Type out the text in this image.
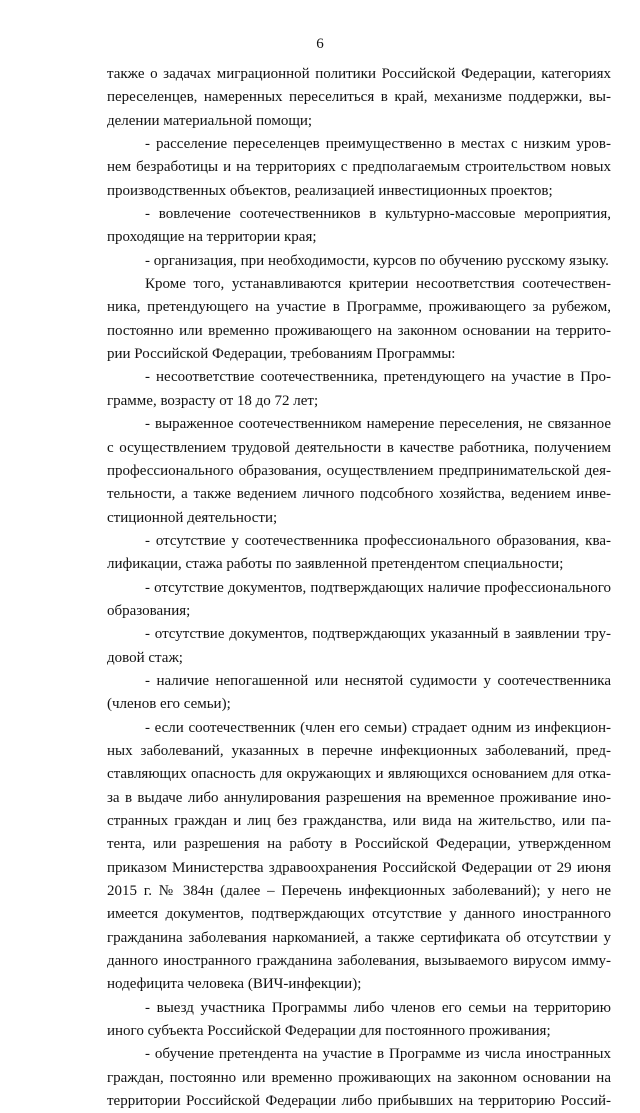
6
также о задачах миграционной политики Российской Федерации, категориях
переселенцев, намеренных переселиться в край, механизме поддержки, вы-
делении материальной помощи;
- расселение переселенцев преимущественно в местах с низким уров-
нем безработицы и на территориях с предполагаемым строительством новых
производственных объектов, реализацией инвестиционных проектов;
- вовлечение соотечественников в культурно-массовые мероприятия,
проходящие на территории края;
- организация, при необходимости, курсов по обучению русскому языку.
Кроме того, устанавливаются критерии несоответствия соотечествен-
ника, претендующего на участие в Программе, проживающего за рубежом,
постоянно или временно проживающего на законном основании на террито-
рии Российской Федерации, требованиям Программы:
- несоответствие соотечественника, претендующего на участие в Про-
грамме, возрасту от 18 до 72 лет;
- выраженное соотечественником намерение переселения, не связанное
с осуществлением трудовой деятельности в качестве работника, получением
профессионального образования, осуществлением предпринимательской дея-
тельности, а также ведением личного подсобного хозяйства, ведением инве-
стиционной деятельности;
- отсутствие у соотечественника профессионального образования, ква-
лификации, стажа работы по заявленной претендентом специальности;
- отсутствие документов, подтверждающих наличие профессионального
образования;
- отсутствие документов, подтверждающих указанный в заявлении тру-
довой стаж;
- наличие непогашенной или неснятой судимости у соотечественника
(членов его семьи);
- если соотечественник (член его семьи) страдает одним из инфекцион-
ных заболеваний, указанных в перечне инфекционных заболеваний, пред-
ставляющих опасность для окружающих и являющихся основанием для отка-
за в выдаче либо аннулирования разрешения на временное проживание ино-
странных граждан и лиц без гражданства, или вида на жительство, или па-
тента, или разрешения на работу в Российской Федерации, утвержденном
приказом Министерства здравоохранения Российской Федерации от 29 июня
2015 г. № 384н (далее – Перечень инфекционных заболеваний); у него не
имеется документов, подтверждающих отсутствие у данного иностранного
гражданина заболевания наркоманией, а также сертификата об отсутствии у
данного иностранного гражданина заболевания, вызываемого вирусом имму-
нодефицита человека (ВИЧ-инфекции);
- выезд участника Программы либо членов его семьи на территорию
иного субъекта Российской Федерации для постоянного проживания;
- обучение претендента на участие в Программе из числа иностранных
граждан, постоянно или временно проживающих на законном основании на
территории Российской Федерации либо прибывших на территорию Россий-
